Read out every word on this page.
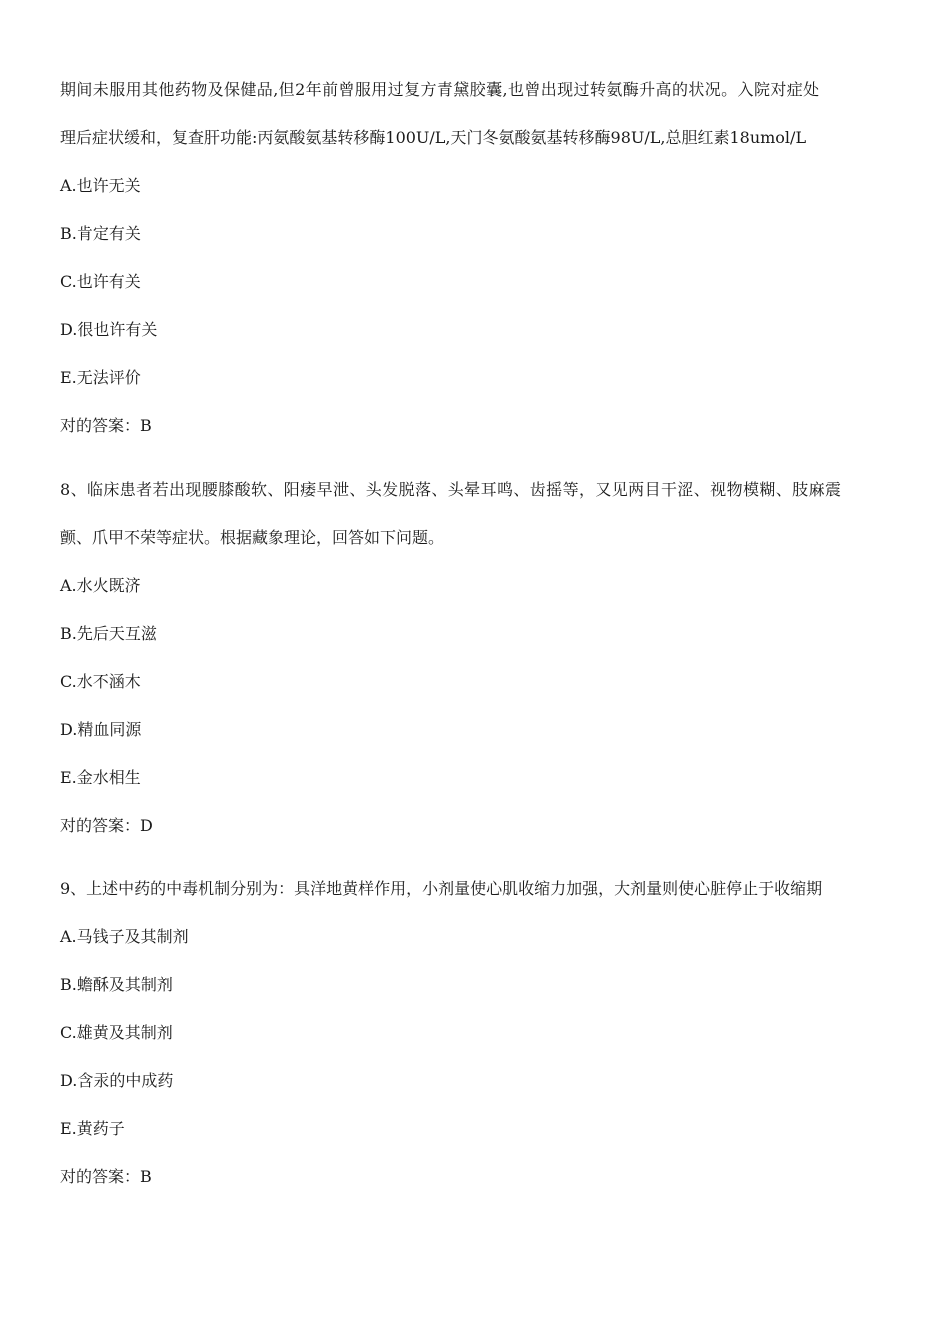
期间未服用其他药物及保健品,但2年前曾服用过复方青黛胶囊,也曾出现过转氨酶升高的状况。入院对症处
理后症状缓和，复查肝功能:丙氨酸氨基转移酶100U/L,天门冬氨酸氨基转移酶98U/L,总胆红素18umol/L
A.也许无关
B.肯定有关
C.也许有关
D.很也许有关
E.无法评价
对的答案：B
8、临床患者若出现腰膝酸软、阳痿早泄、头发脱落、头晕耳鸣、齿摇等，又见两目干涩、视物模糊、肢麻震
颤、爪甲不荣等症状。根据藏象理论，回答如下问题。
A.水火既济
B.先后天互滋
C.水不涵木
D.精血同源
E.金水相生
对的答案：D
9、上述中药的中毒机制分别为：具洋地黄样作用，小剂量使心肌收缩力加强，大剂量则使心脏停止于收缩期
A.马钱子及其制剂
B.蟾酥及其制剂
C.雄黄及其制剂
D.含汞的中成药
E.黄药子
对的答案：B
